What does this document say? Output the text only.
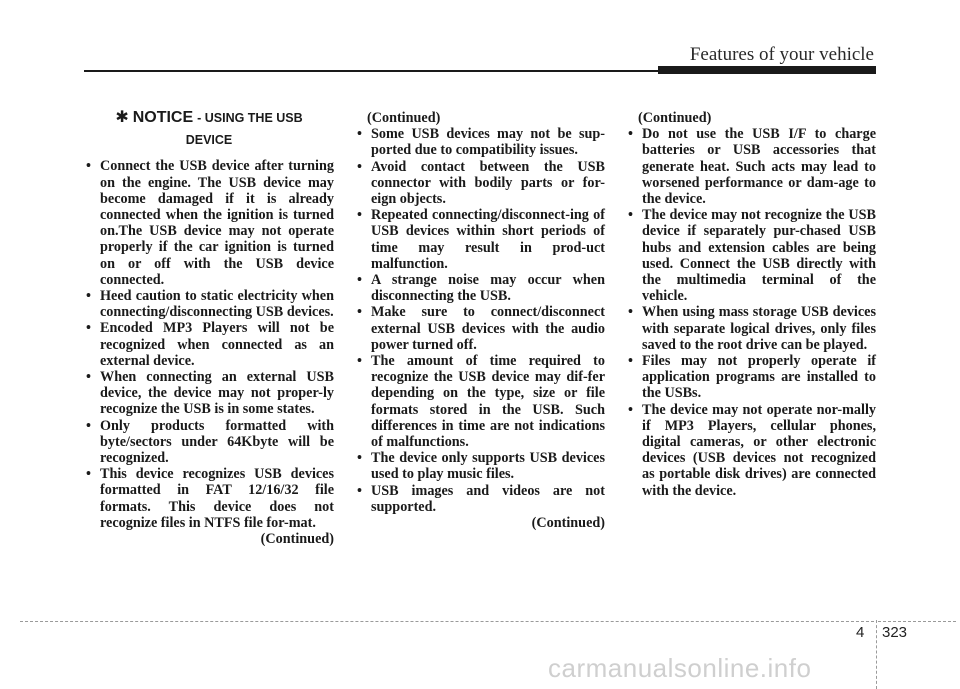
Features of your vehicle
✱ NOTICE - USING THE USB
DEVICE
• Connect the USB device after turning on the engine. The USB device may become damaged if it is already connected when the ignition is turned on.The USB device may not operate properly if the car ignition is turned on or off with the USB device connected.
• Heed caution to static electricity when connecting/disconnecting USB devices.
• Encoded MP3 Players will not be recognized when connected as an external device.
• When connecting an external USB device, the device may not proper-ly recognize the USB is in some states.
• Only products formatted with byte/sectors under 64Kbyte will be recognized.
• This device recognizes USB devices formatted in FAT 12/16/32 file formats. This device does not recognize files in NTFS file for-mat.

(Continued)

(Continued)

• Some USB devices may not be sup-ported due to compatibility issues.
• Avoid contact between the USB connector with bodily parts or for-eign objects.
• Repeated connecting/disconnect-ing of USB devices within short periods of time may result in prod-uct malfunction.
• A strange noise may occur when disconnecting the USB.
• Make sure to connect/disconnect external USB devices with the audio power turned off.
• The amount of time required to recognize the USB device may dif-fer depending on the type, size or file formats stored in the USB. Such differences in time are not indications of malfunctions.
• The device only supports USB devices used to play music files.
• USB images and videos are not supported.

(Continued)

(Continued)

• Do not use the USB I/F to charge batteries or USB accessories that generate heat. Such acts may lead to worsened performance or dam-age to the device.
• The device may not recognize the USB device if separately pur-chased USB hubs and extension cables are being used. Connect the USB directly with the multimedia terminal of the vehicle.
• When using mass storage USB devices with separate logical drives, only files saved to the root drive can be played.
• Files may not properly operate if application programs are installed to the USBs.
• The device may not operate nor-mally if MP3 Players, cellular phones, digital cameras, or other electronic devices (USB devices not recognized as portable disk drives) are connected with the device.
4 323
carmanualsonline.info
